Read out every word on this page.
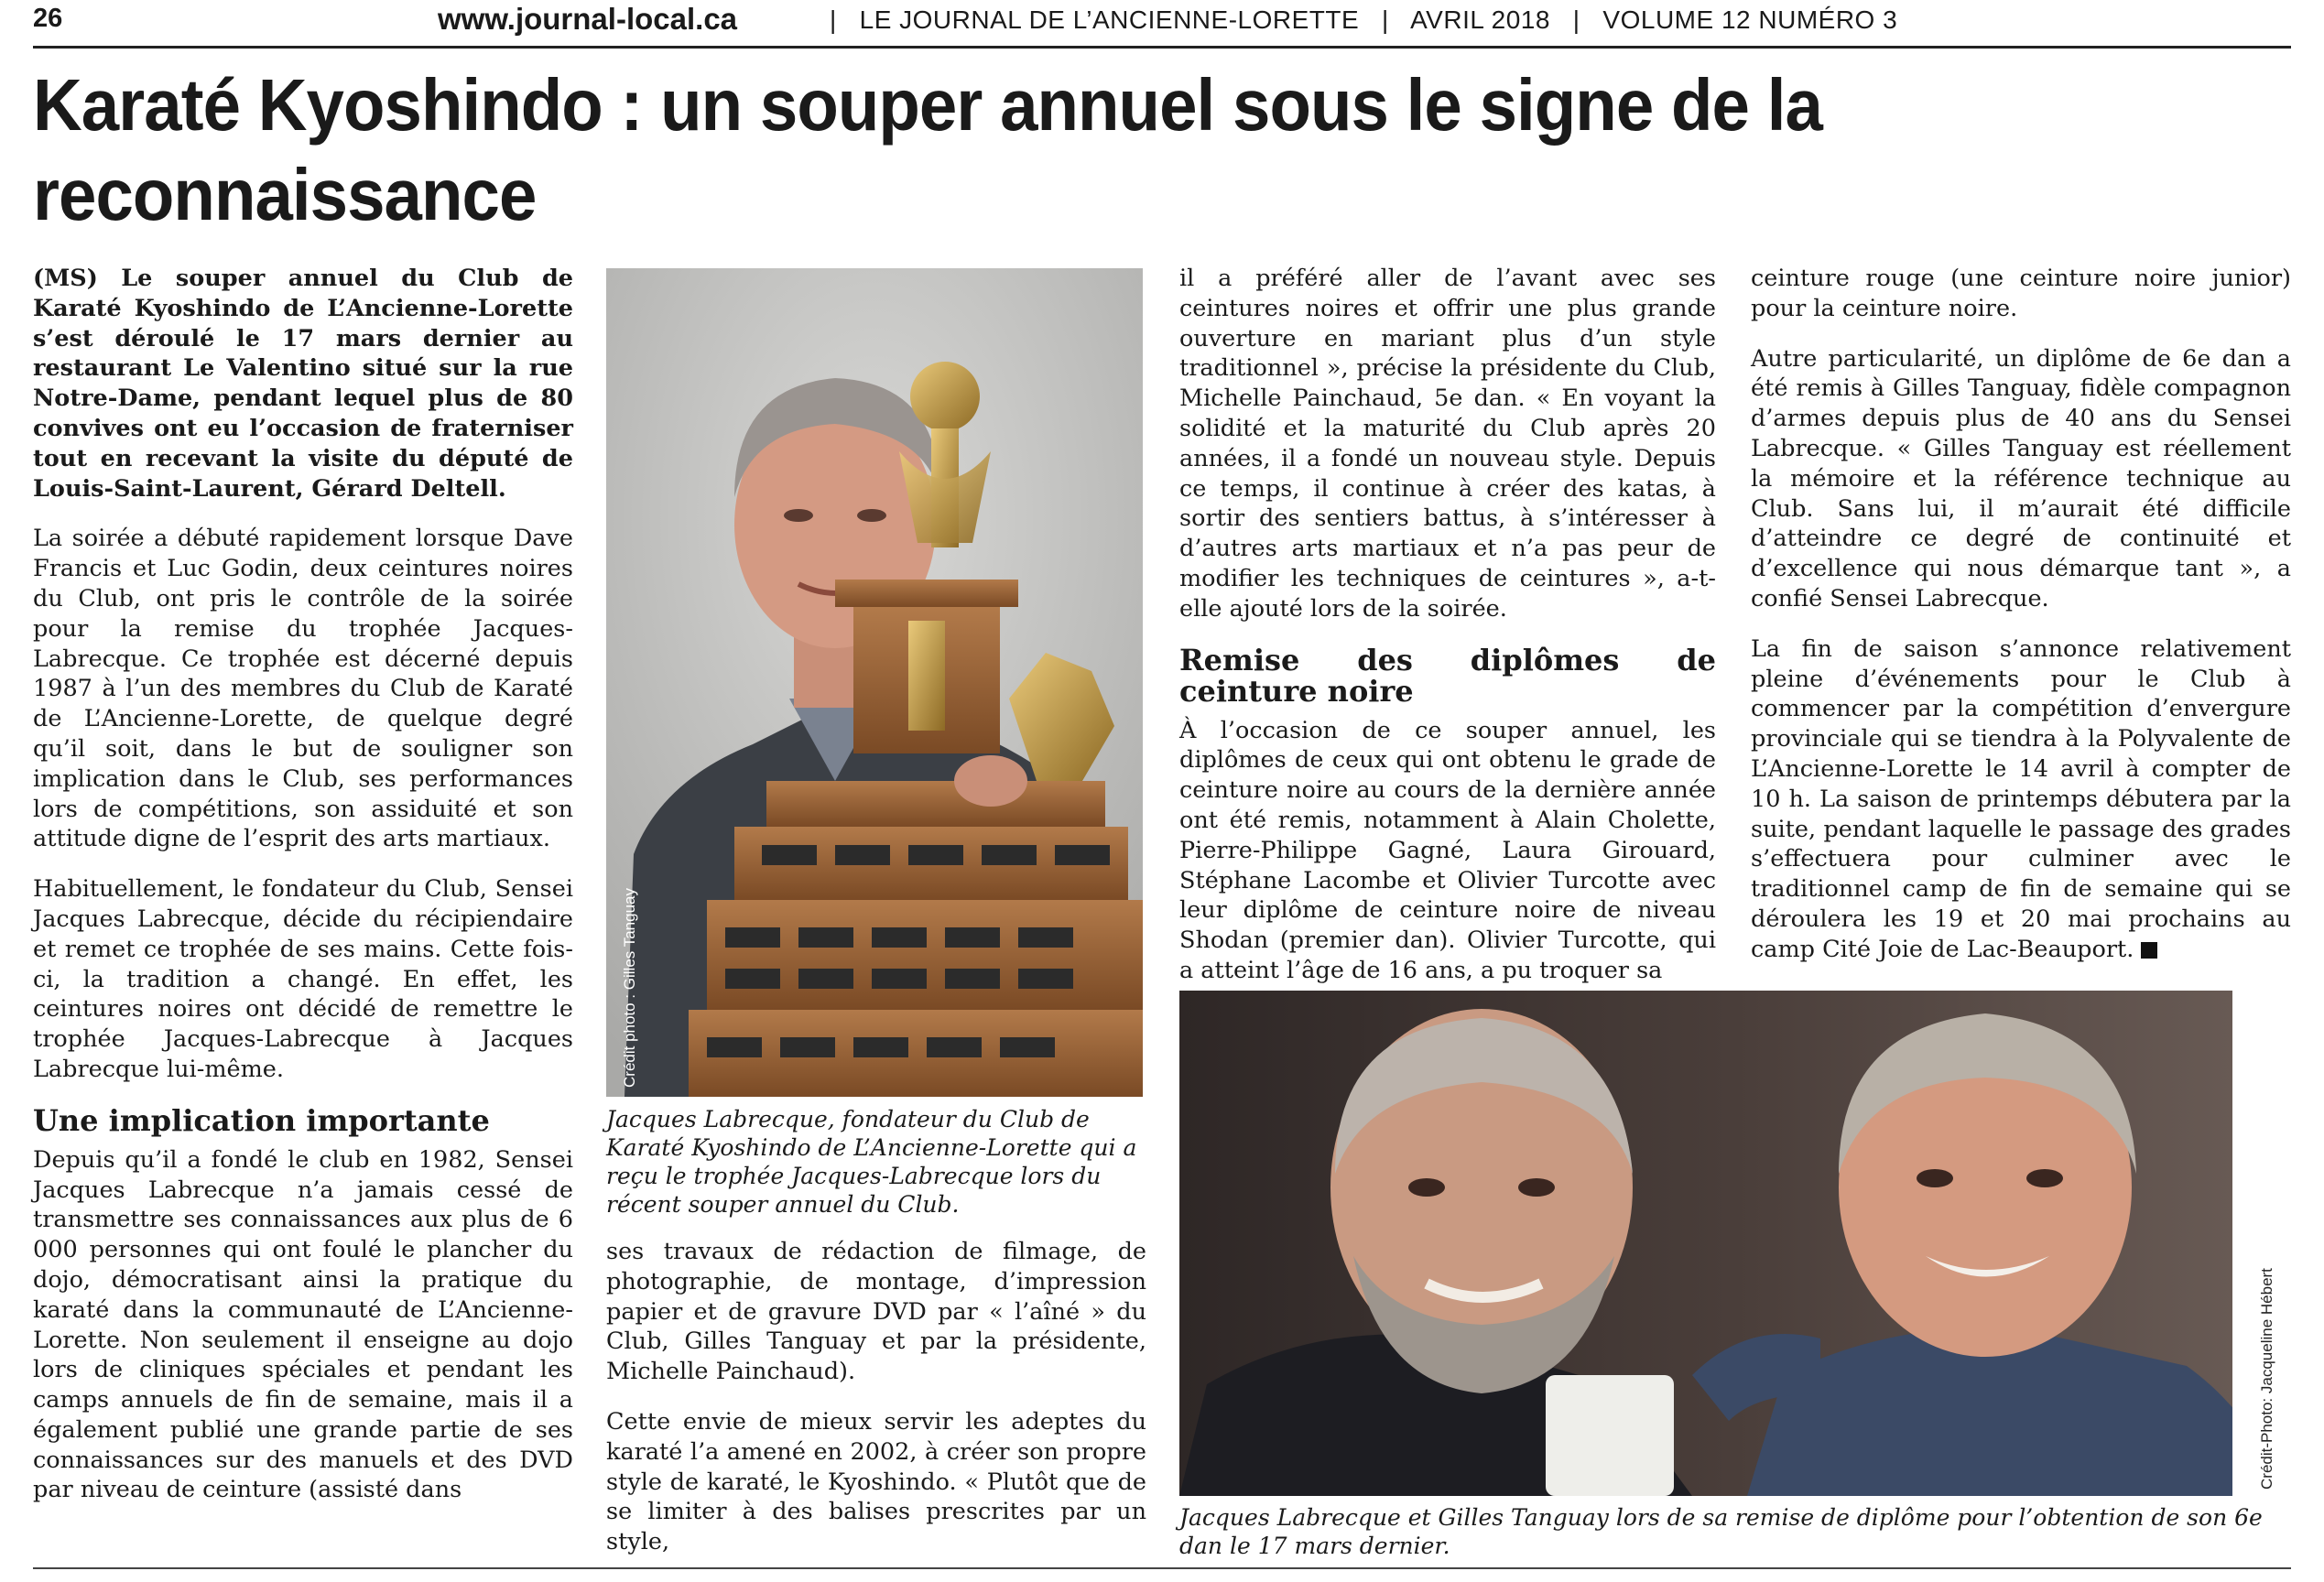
26	www.journal-local.ca	| LE JOURNAL DE L’ANCIENNE-LORETTE | AVRIL 2018 | VOLUME 12 NUMÉRO 3
Karaté Kyoshindo : un souper annuel sous le signe de la reconnaissance

(MS) Le souper annuel du Club de Karaté Kyoshindo de L’Ancienne-Lorette s’est déroulé le 17 mars dernier au restaurant Le Valentino situé sur la rue Notre-Dame, pendant lequel plus de 80 convives ont eu l’occasion de fraterniser tout en recevant la visite du député de Louis-Saint-Laurent, Gérard Deltell.

La soirée a débuté rapidement lorsque Dave Francis et Luc Godin, deux ceintures noires du Club, ont pris le contrôle de la soirée pour la remise du trophée Jacques-Labrecque. Ce trophée est décerné depuis 1987 à l’un des membres du Club de Karaté de L’Ancienne-Lorette, de quelque degré qu’il soit, dans le but de souligner son implication dans le Club, ses performances lors de compétitions, son assiduité et son attitude digne de l’esprit des arts martiaux.

Habituellement, le fondateur du Club, Sensei Jacques Labrecque, décide du récipiendaire et remet ce trophée de ses mains. Cette fois-ci, la tradition a changé. En effet, les ceintures noires ont décidé de remettre le trophée Jacques-Labrecque à Jacques Labrecque lui-même.

Une implication importante

Depuis qu’il a fondé le club en 1982, Sensei Jacques Labrecque n’a jamais cessé de transmettre ses connaissances aux plus de 6 000 personnes qui ont foulé le plancher du dojo, démocratisant ainsi la pratique du karaté dans la communauté de L’Ancienne-Lorette. Non seulement il enseigne au dojo lors de cliniques spéciales et pendant les camps annuels de fin de semaine, mais il a également publié une grande partie de ses connaissances sur des manuels et des DVD par niveau de ceinture (assisté dans

Crédit photo : Gilles Tanguay
Jacques Labrecque, fondateur du Club de Karaté Kyoshindo de L’Ancienne-Lorette qui a reçu le trophée Jacques-Labrecque lors du récent souper annuel du Club.

ses travaux de rédaction de filmage, de photographie, de montage, d’impression papier et de gravure DVD par « l’aîné » du Club, Gilles Tanguay et par la présidente, Michelle Painchaud).

Cette envie de mieux servir les adeptes du karaté l’a amené en 2002, à créer son propre style de karaté, le Kyoshindo. « Plutôt que de se limiter à des balises prescrites par un style,

il a préféré aller de l’avant avec ses ceintures noires et offrir une plus grande ouverture en mariant plus d’un style traditionnel », précise la présidente du Club, Michelle Painchaud, 5e dan. « En voyant la solidité et la maturité du Club après 20 années, il a fondé un nouveau style. Depuis ce temps, il continue à créer des katas, à sortir des sentiers battus, à s’intéresser à d’autres arts martiaux et n’a pas peur de modifier les techniques de ceintures », a-t-elle ajouté lors de la soirée.

Remise des diplômes de ceinture noire

À l’occasion de ce souper annuel, les diplômes de ceux qui ont obtenu le grade de ceinture noire au cours de la dernière année ont été remis, notamment à Alain Cholette, Pierre-Philippe Gagné, Laura Girouard, Stéphane Lacombe et Olivier Turcotte avec leur diplôme de ceinture noire de niveau Shodan (premier dan). Olivier Turcotte, qui a atteint l’âge de 16 ans, a pu troquer sa

ceinture rouge (une ceinture noire junior) pour la ceinture noire.

Autre particularité, un diplôme de 6e dan a été remis à Gilles Tanguay, fidèle compagnon d’armes depuis plus de 40 ans du Sensei Labrecque. « Gilles Tanguay est réellement la mémoire et la référence technique au Club. Sans lui, il m’aurait été difficile d’atteindre ce degré de continuité et d’excellence qui nous démarque tant », a confié Sensei Labrecque.

La fin de saison s’annonce relativement pleine d’événements pour le Club à commencer par la compétition d’envergure provinciale qui se tiendra à la Polyvalente de L’Ancienne-Lorette le 14 avril à compter de 10 h. La saison de printemps débutera par la suite, pendant laquelle le passage des grades s’effectuera pour culminer avec le traditionnel camp de fin de semaine qui se déroulera les 19 et 20 mai prochains au camp Cité Joie de Lac-Beauport.

Crédit-Photo: Jacqueline Hébert
Jacques Labrecque et Gilles Tanguay lors de sa remise de diplôme pour l’obtention de son 6e dan le 17 mars dernier.
